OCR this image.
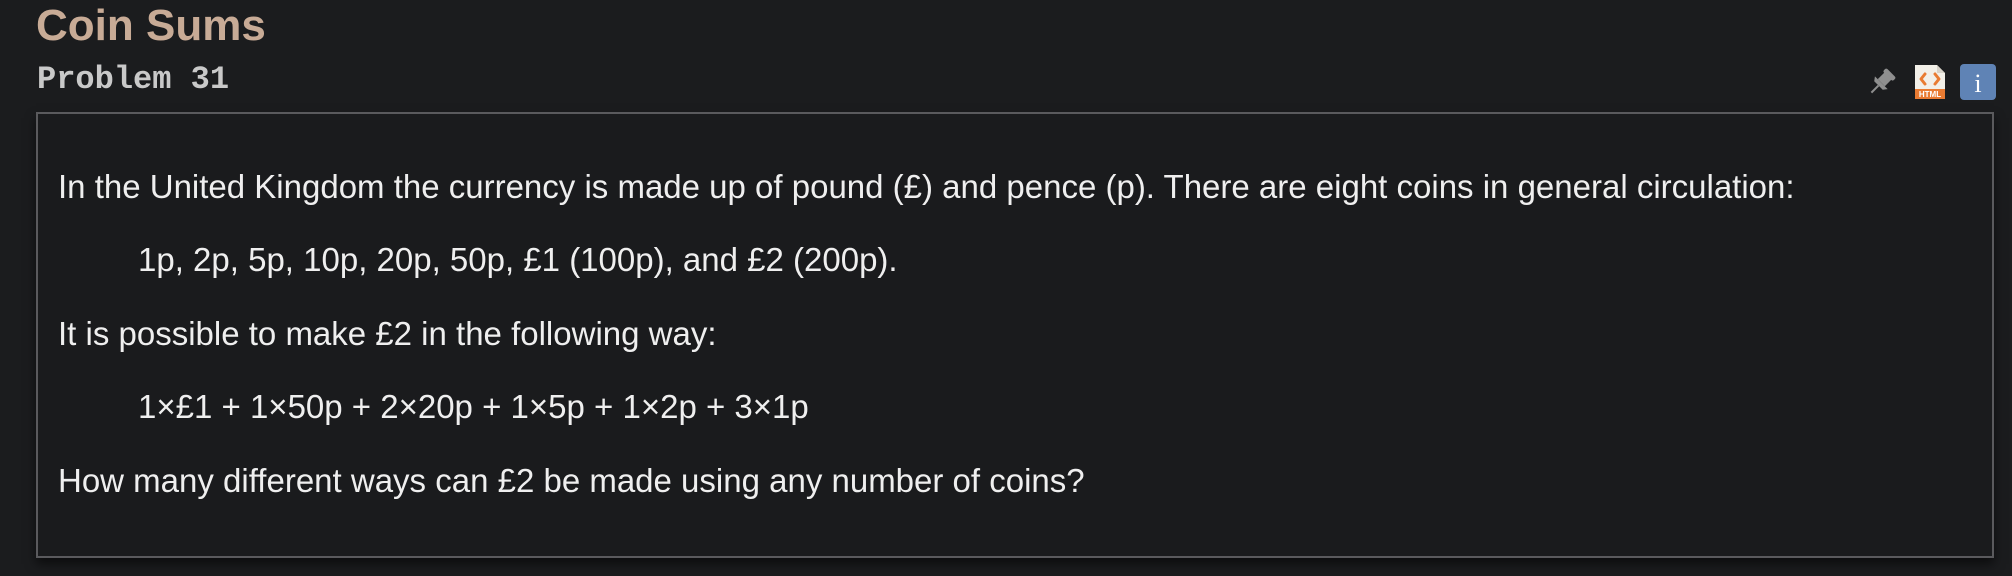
Coin Sums
Problem 31	HTML i

In the United Kingdom the currency is made up of pound (£) and pence (p). There are eight coins in general circulation:

1p, 2p, 5p, 10p, 20p, 50p, £1 (100p), and £2 (200p).

It is possible to make £2 in the following way:

1×£1 + 1×50p + 2×20p + 1×5p + 1×2p + 3×1p

How many different ways can £2 be made using any number of coins?
